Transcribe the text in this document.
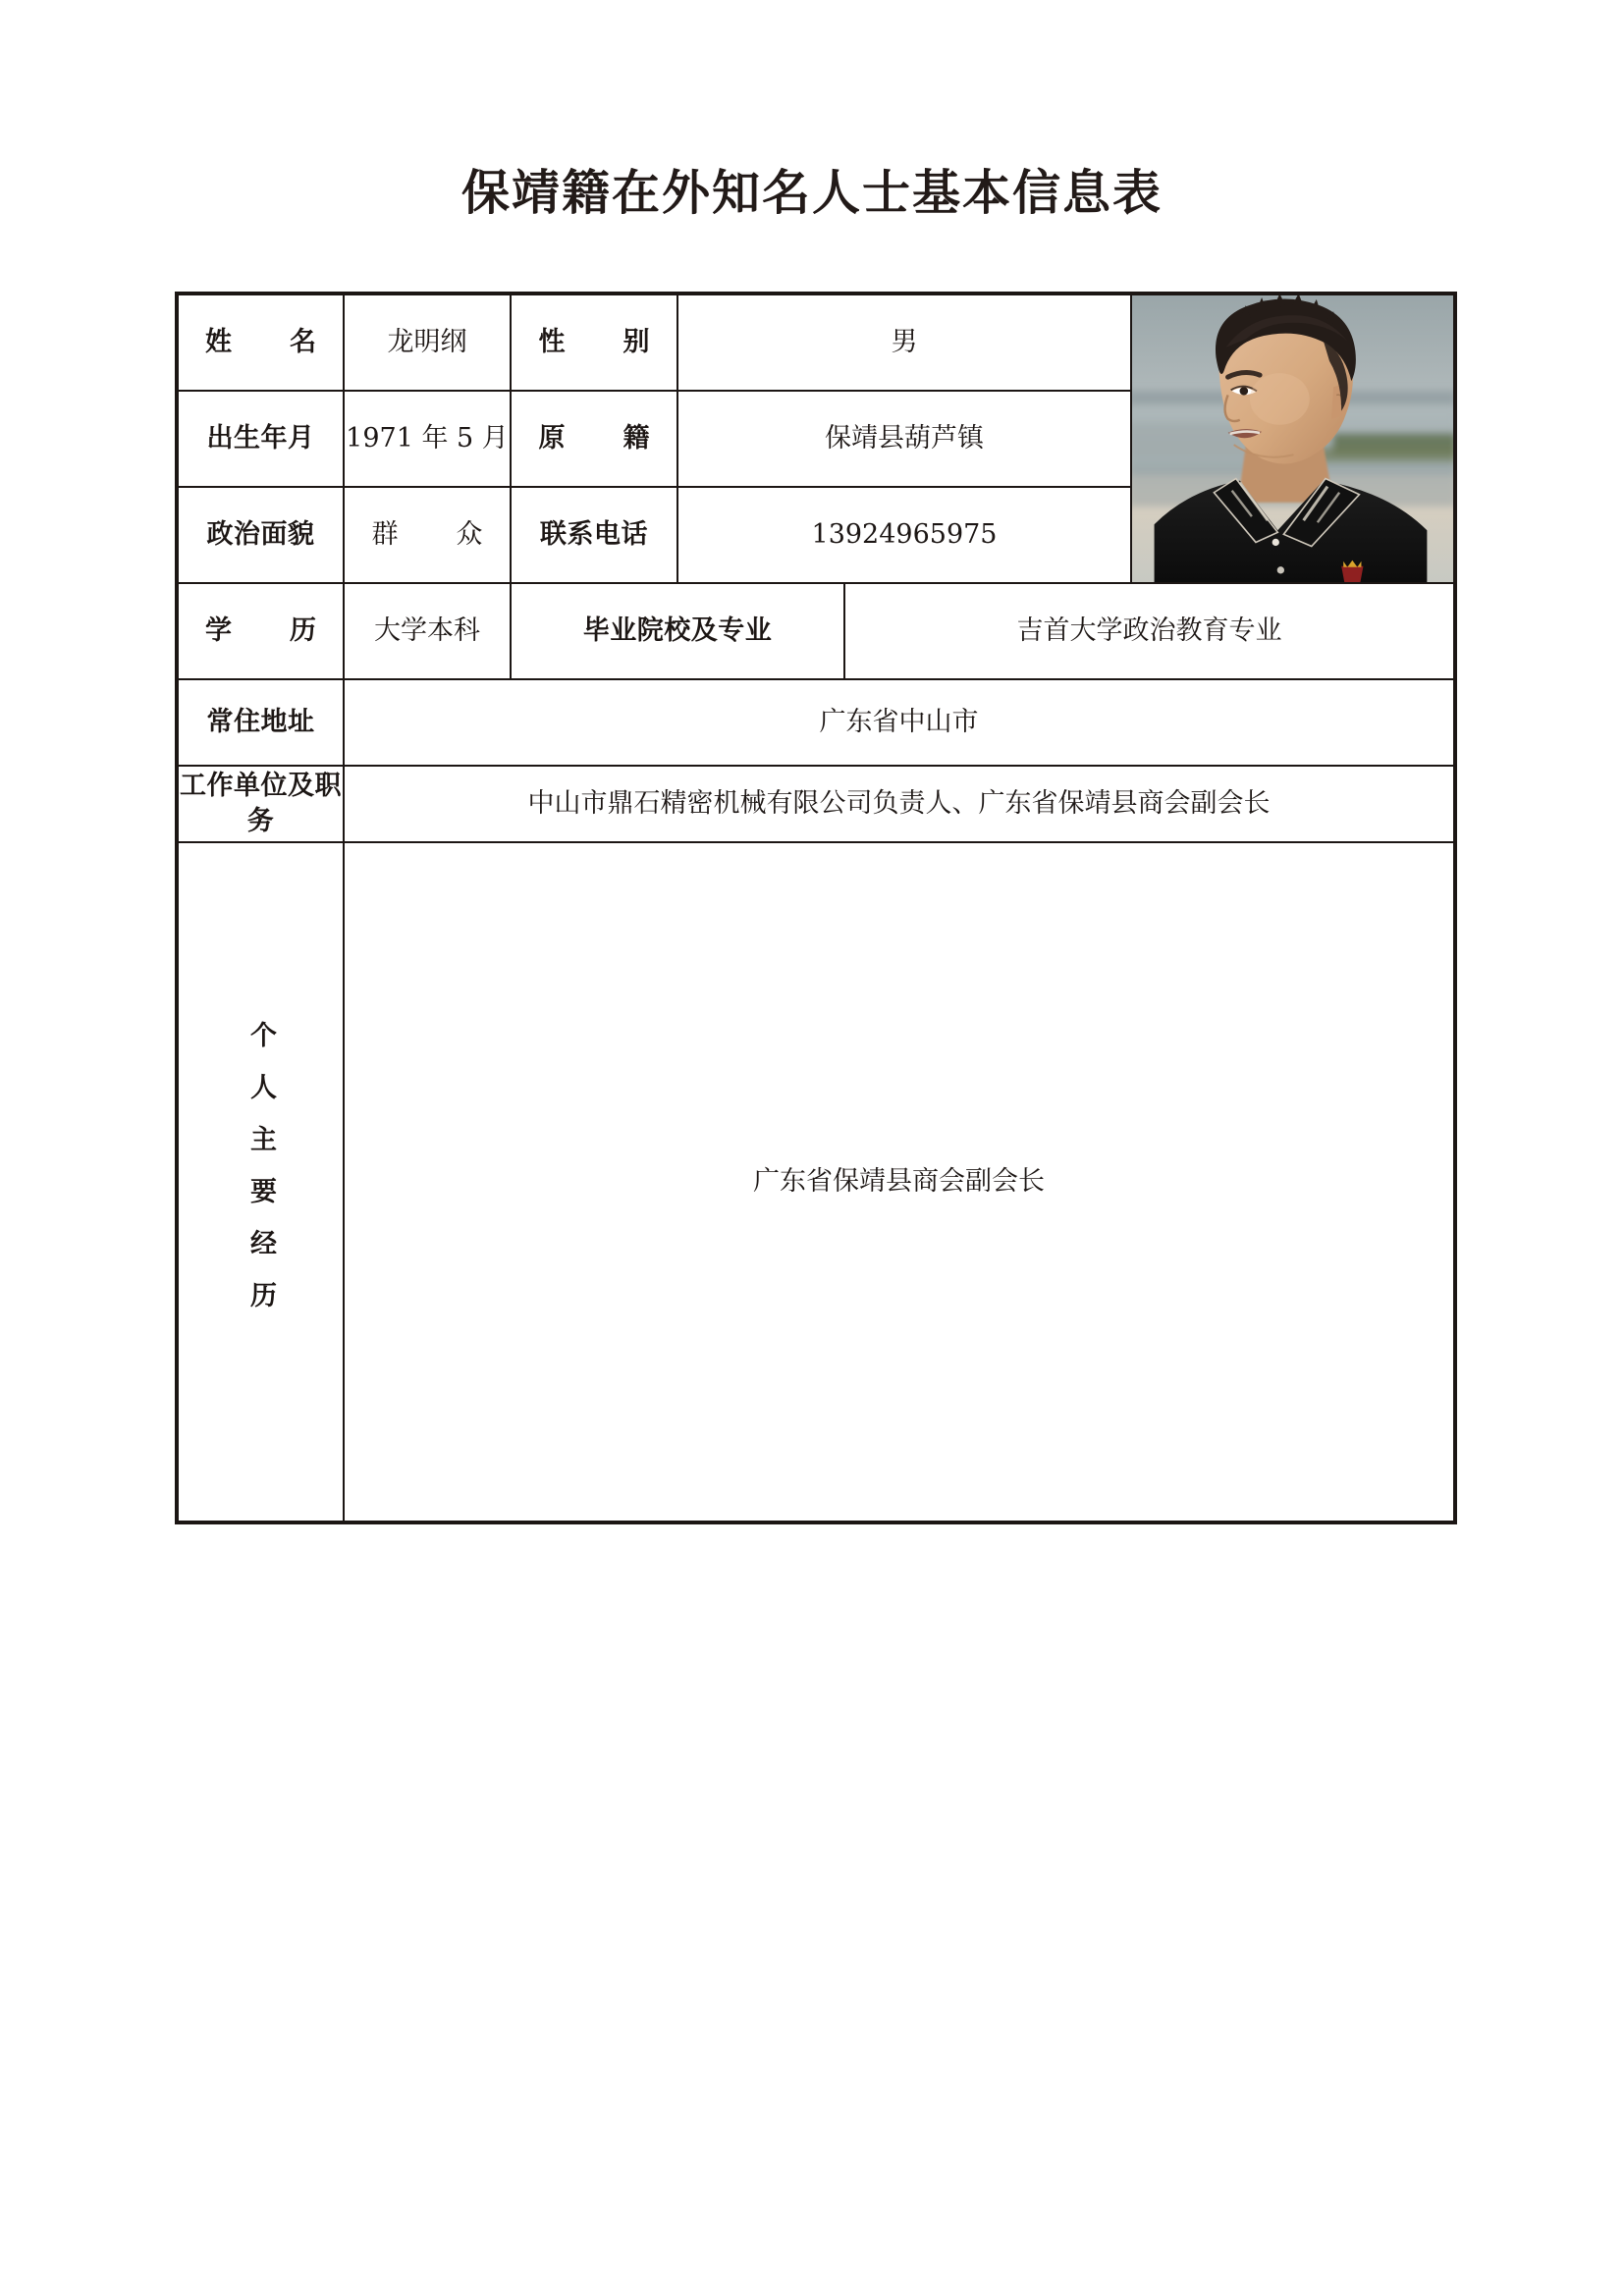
保靖籍在外知名人士基本信息表
姓　名	龙明纲	性　别	男	

出生年月	1971 年 5 月	原　籍	保靖县葫芦镇		
政治面貌	群　众	联系电话	13924965975		
学　历	大学本科	毕业院校及专业		吉首大学政治教育专业	
常住地址	广东省中山市				
工作单位及职务	中山市鼎石精密机械有限公司负责人、广东省保靖县商会副会长				
个人主要经历	广东省保靖县商会副会长				
